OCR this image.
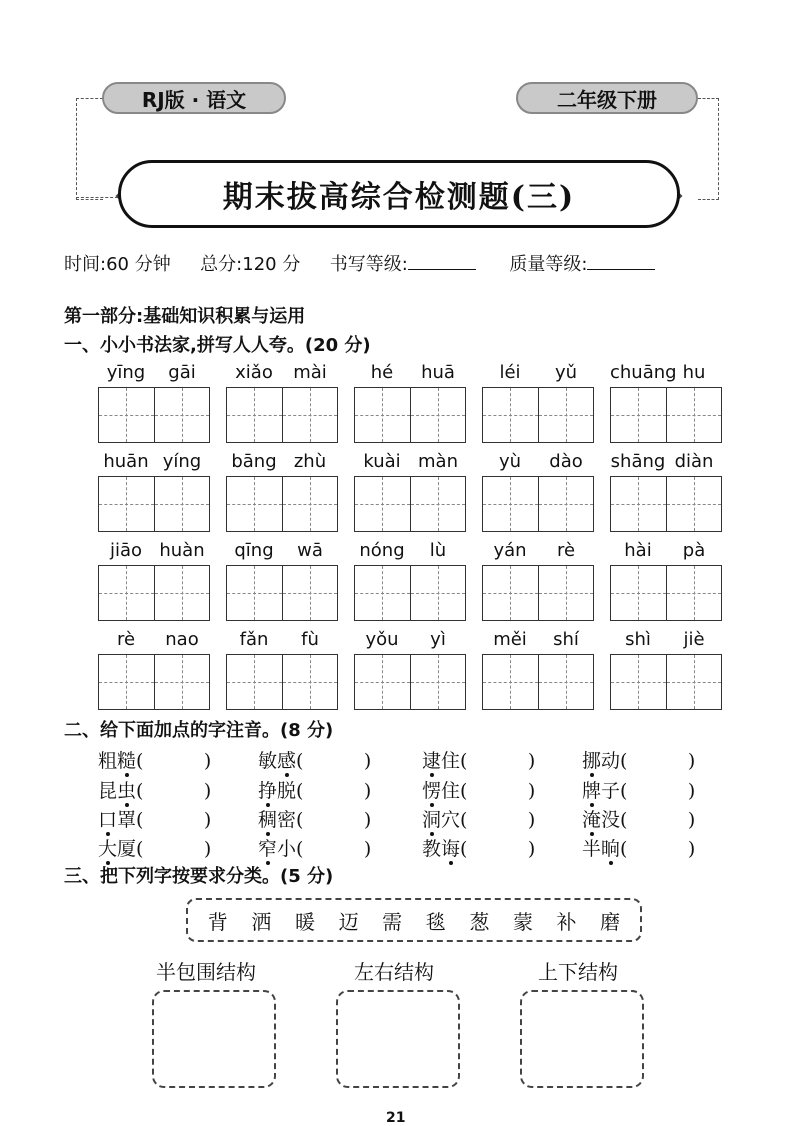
RJ版 · 语文	二年级下册
期末拔高综合检测题(三)
时间:60 分钟 总分:120 分 书写等级:	质量等级:
第一部分:基础知识积累与运用
一、小小书法家,拼写人人夸。(20 分)
yīng	gāi	xiǎo	mài	hé	huā	léi	yǔ	chuāng hu
huān yíng	bāng zhù	kuài màn	yù	dào	shāng diàn
jiāo huàn	qīng	wā	nóng	lù	yán	rè	hài	pà
rè	nao	fǎn	fù	yǒu	yì	měi	shí	shì	jiè
二、给下面加点的字注音。(8 分)
粗糙(          ) 敏感(          )	逮住(          ) 挪动(          )
昆虫(          ) 挣脱(          )	愣住(          ) 牌子(          )
口罩(          ) 稠密(          )	洞穴(          ) 淹没(          )
大厦(          ) 窄小(          )	教诲(          ) 半晌(          )
三、把下列字按要求分类。(5 分)
背 洒 暖 迈 需 毯 葱 蒙 补 磨
半包围结构	左右结构	上下结构
21
